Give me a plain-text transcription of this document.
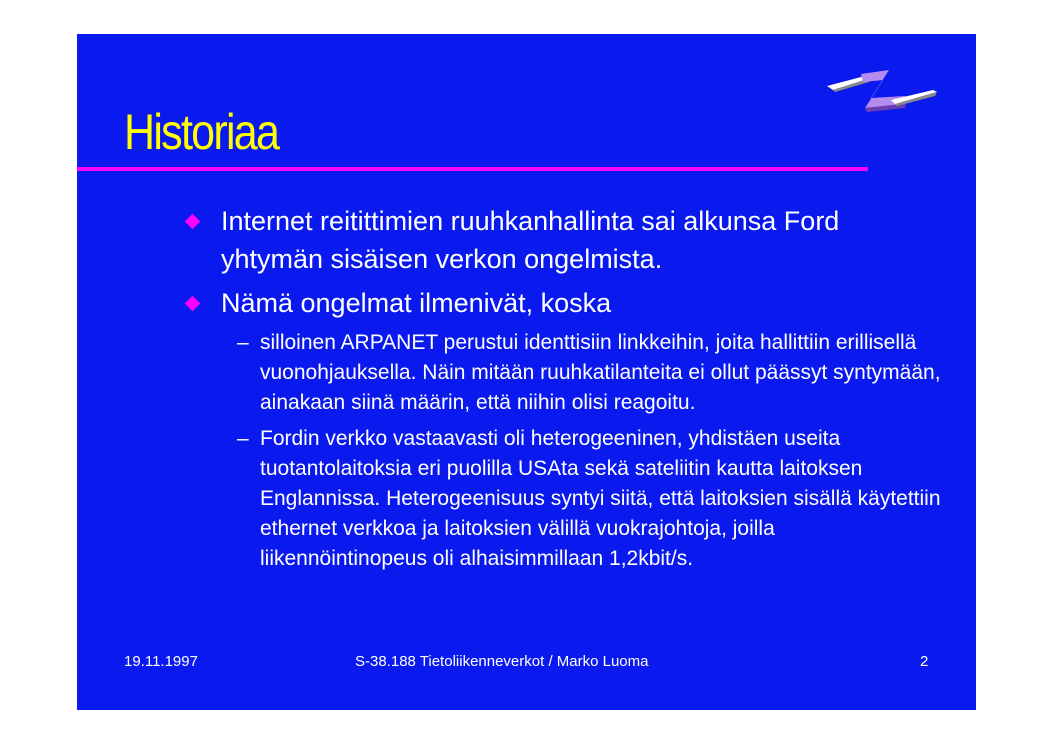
Historiaa
Internet reitittimien ruuhkanhallinta sai alkunsa Ford yhtymän sisäisen verkon ongelmista.
Nämä ongelmat ilmenivät, koska
– silloinen ARPANET perustui identtisiin linkkeihin, joita hallittiin erillisellä vuonohjauksella. Näin mitään ruuhkatilanteita ei ollut päässyt syntymään, ainakaan siinä määrin, että niihin olisi reagoitu.
– Fordin verkko vastaavasti oli heterogeeninen, yhdistäen useita tuotantolaitoksia eri puolilla USAta sekä sateliitin kautta laitoksen Englannissa. Heterogeenisuus syntyi siitä, että laitoksien sisällä käytettiin ethernet verkkoa ja laitoksien välillä vuokrajohtoja, joilla liikennöintinopeus oli alhaisimmillaan 1,2kbit/s.
19.11.1997	S-38.188 Tietoliikenneverkot / Marko Luoma	2
